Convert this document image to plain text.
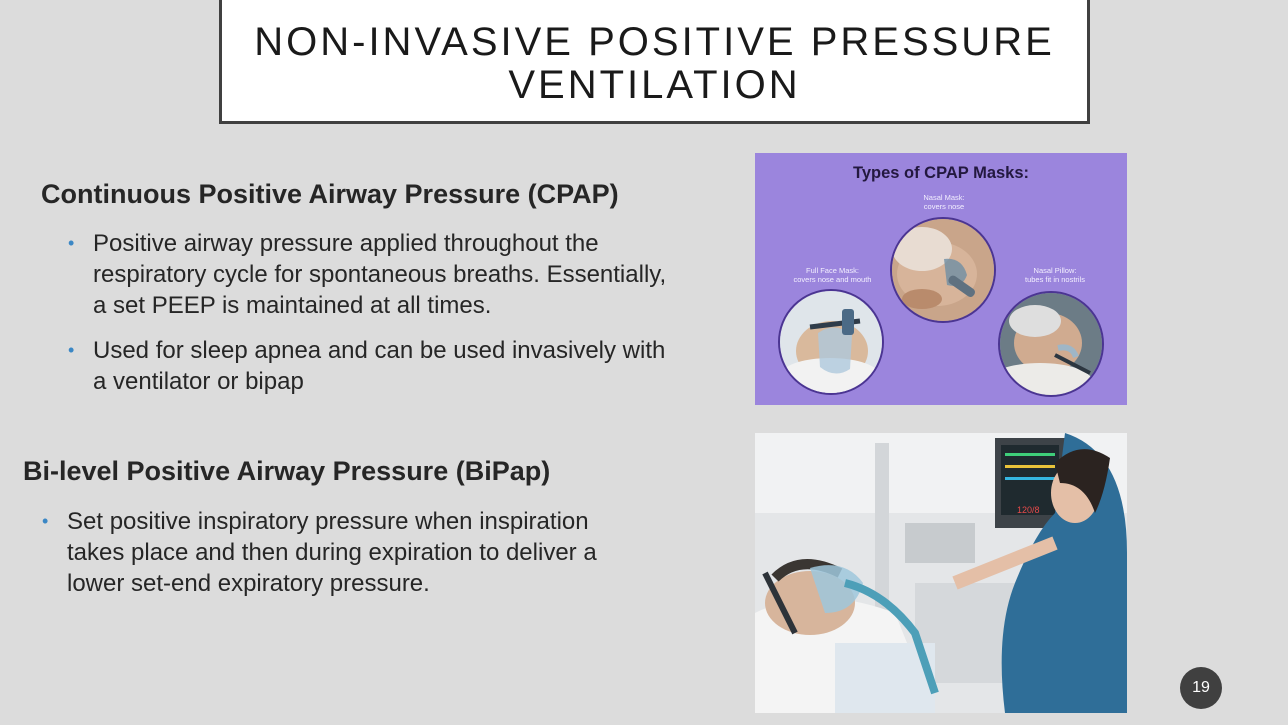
NON-INVASIVE POSITIVE PRESSURE VENTILATION
Continuous Positive Airway Pressure (CPAP)
• Positive airway pressure applied throughout the respiratory cycle for spontaneous breaths. Essentially, a set PEEP is maintained at all times.
• Used for sleep apnea and can be used invasively with a ventilator or bipap
Bi-level Positive Airway Pressure (BiPap)
• Set positive inspiratory pressure when inspiration takes place and then during expiration to deliver a lower set-end expiratory pressure.
Types of CPAP Masks:
Nasal Mask:
covers nose
Full Face Mask:
covers nose and mouth
Nasal Pillow:
tubes fit in nostrils
120/8
19
